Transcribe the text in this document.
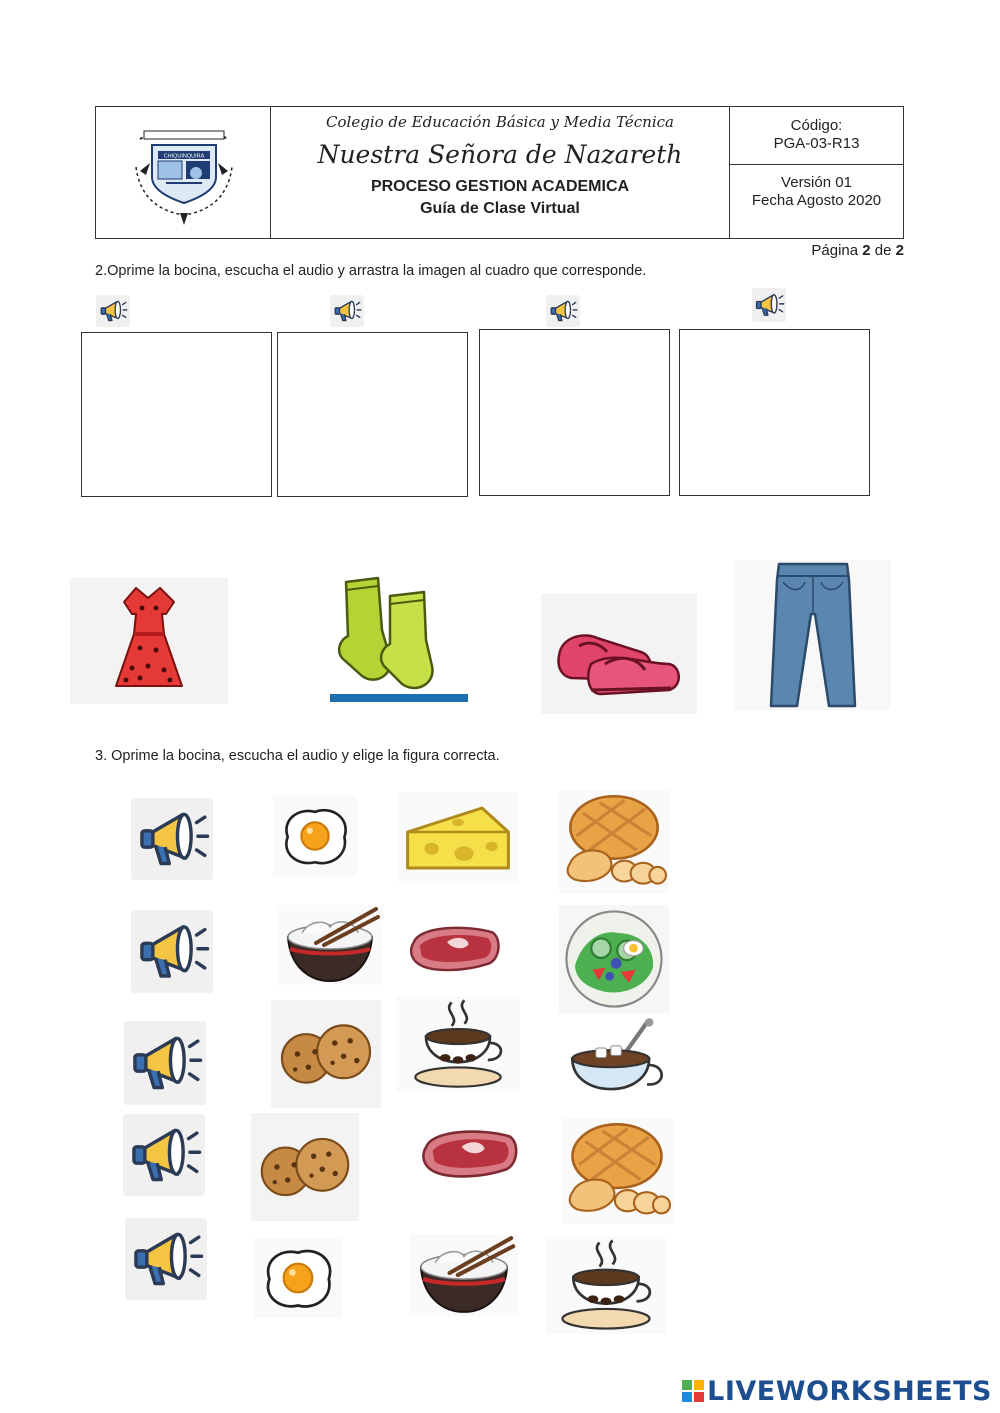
CHIQUINQUIRA
Colegio de Educación Básica y Media Técnica
Nuestra Señora de Nazareth
PROCESO GESTION ACADEMICA
Guía de Clase Virtual
Código:
PGA-03-R13
Versión 01
Fecha Agosto 2020
Página 2 de 2
2.Oprime la bocina, escucha el audio y arrastra la imagen al cuadro que corresponde.
3. Oprime la bocina, escucha el audio y elige la figura correcta.
LIVEWORKSHEETS
